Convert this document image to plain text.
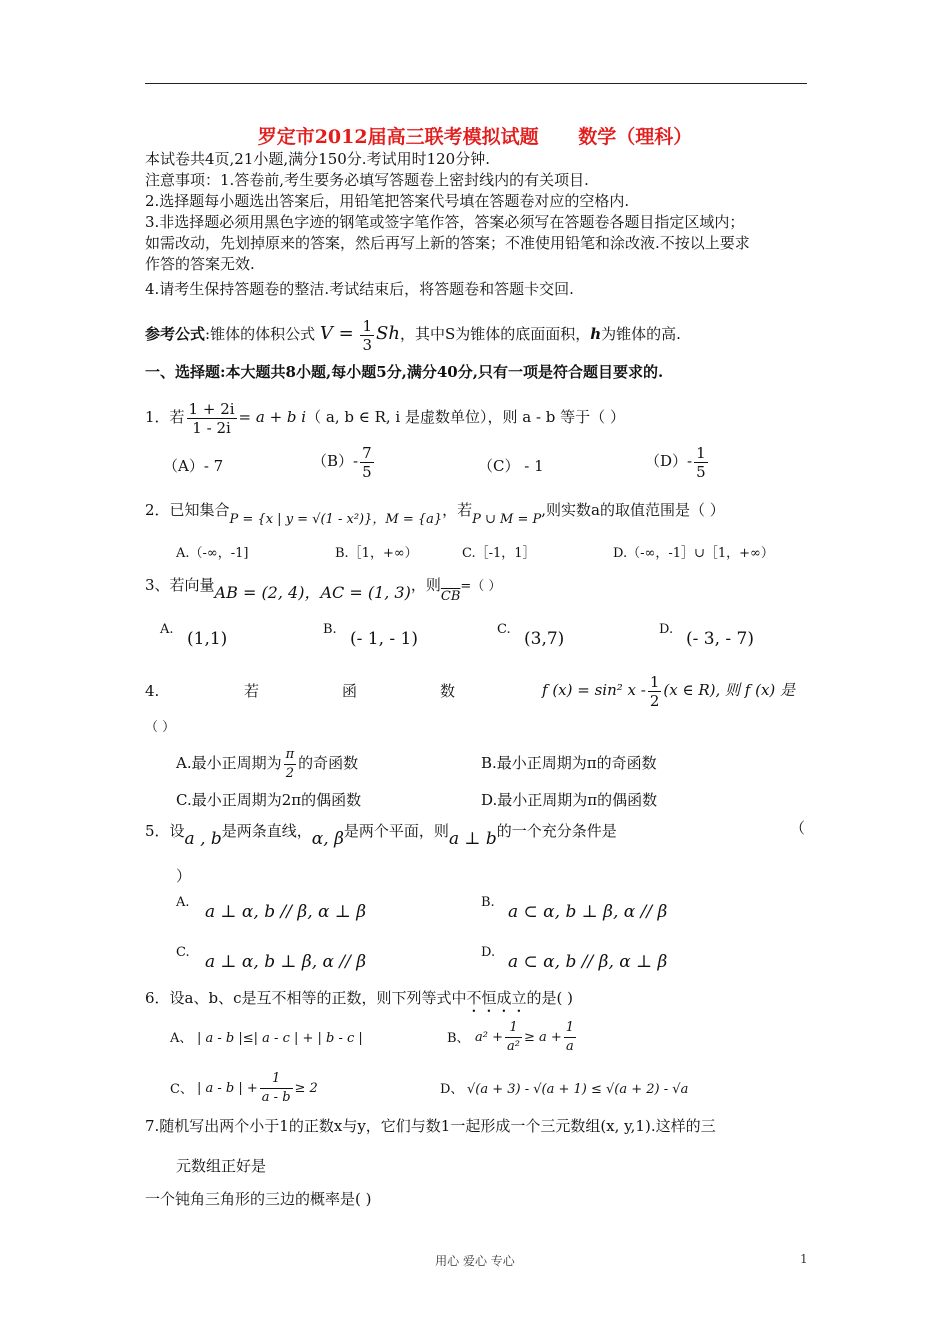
罗定市2012届高三联考模拟试题      数学（理科）
本试卷共4页,21小题,满分150分.考试用时120分钟.
注意事项：1.答卷前,考生要务必填写答题卷上密封线内的有关项目.
2.选择题每小题选出答案后，用铅笔把答案代号填在答题卷对应的空格内.
3.非选择题必须用黑色字迹的钢笔或签字笔作答，答案必须写在答题卷各题目指定区域内；
如需改动，先划掉原来的答案，然后再写上新的答案；不准使用铅笔和涂改液.不按以上要求
作答的答案无效.
4.请考生保持答题卷的整洁.考试结束后，将答题卷和答题卡交回.
参考公式:锥体的体积公式 $V = \frac{1}{3}$ Sh，其中S为锥体的底面面积，h为锥体的高.
一、选择题:本大题共8小题,每小题5分,满分40分,只有一项是符合题目要求的.
1．若 $\frac{1 + 2i}{1 - 2i} = a + b$ i（ a, b ∈ R, i 是虚数单位），则 a - b 等于（ ）
（A）- 7	$(B)- \frac{7}{5}$	（C） - 1	$(D)- \frac{1}{5}$
2．已知集合P = {x | y = √(1 - x²)}，M = {a}，若P ∪ M = P,则实数a的取值范围是（ ）
A.（-∞，-1]	B.［1，+∞）	C.［-1，1］	D.（-∞，-1］∪［1，+∞）
3、若向量AB = (2, 4)，AC = (1, 3)，则$\overline{CB}=$（ ）
A. (1,1)	B. (- 1, - 1)	C. (3,7)	D. (- 3, - 7)
4.	若	函	数	f (x) = sin² x - $\frac{1}{2} (x$ ∈ R), 则 f (x) 是
（ ）
A.最小正周期为 $\frac{\pi}{2}$ 的奇函数	B.最小正周期为π的奇函数
C.最小正周期为2π的偶函数	D.最小正周期为π的偶函数
5．设a , b是两条直线，α, β是两个平面，则a ⊥ b的一个充分条件是	（
）
A. a ⊥ α, b // β, α ⊥ β	B. a ⊂ α, b ⊥ β, α // β
C. a ⊥ α, b ⊥ β, α // β	D. a ⊂ α, b // β, α ⊥ β
6．设a、b、c是互不相等的正数，则下列等式中不恒成立的是( )
A、 | a - b |≤| a - c | + | b - c |	B、 $a^2 + \frac{1}{\text{a²}} \ge a + \frac{1}{a}$
C、 | a - b | + $\frac{1}{a - b} \ge 2$	D、 √(a + 3) - √(a + 1) ≤ √(a + 2) - √a
7.随机写出两个小于1的正数x与y，它们与数1一起形成一个三元数组(x, y,1).这样的三
元数组正好是
一个钝角三角形的三边的概率是( )
用心 爱心 专心	1
